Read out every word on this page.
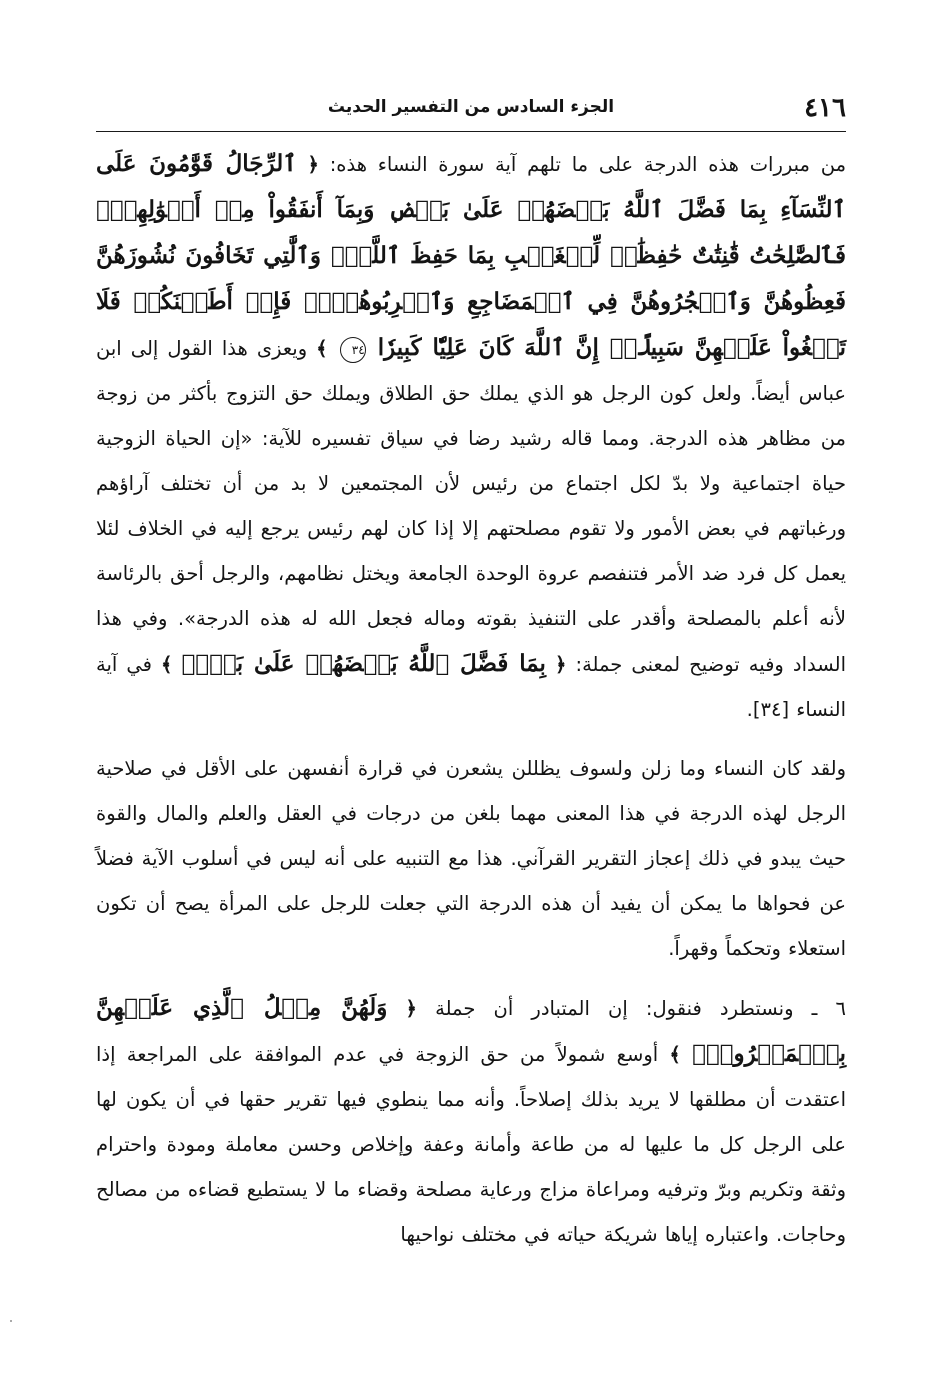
٤١٦
الجزء السادس من التفسير الحديث

من مبررات هذه الدرجة على ما تلهم آية سورة النساء هذه: ﴿ ٱلرِّجَالُ قَوَّٰمُونَ عَلَى ٱلنِّسَآءِ بِمَا فَضَّلَ ٱللَّهُ بَعۡضَهُمۡ عَلَىٰ بَعۡضٖ وَبِمَآ أَنفَقُواْ مِنۡ أَمۡوَٰلِهِمۡۚ فَٱلصَّٰلِحَٰتُ قَٰنِتَٰتٌ حَٰفِظَٰتٞ لِّلۡغَيۡبِ بِمَا حَفِظَ ٱللَّهُۚ وَٱلَّٰتِي تَخَافُونَ نُشُوزَهُنَّ فَعِظُوهُنَّ وَٱهۡجُرُوهُنَّ فِي ٱلۡمَضَاجِعِ وَٱضۡرِبُوهُنَّۖ فَإِنۡ أَطَعۡنَكُمۡ فَلَا تَبۡغُواْ عَلَيۡهِنَّ سَبِيلًاۗ إِنَّ ٱللَّهَ كَانَ عَلِيّٗا كَبِيرٗا ٣٤ ﴾ ويعزى هذا القول إلى ابن عباس أيضاً. ولعل كون الرجل هو الذي يملك حق الطلاق ويملك حق التزوج بأكثر من زوجة من مظاهر هذه الدرجة. ومما قاله رشيد رضا في سياق تفسيره للآية: «إن الحياة الزوجية حياة اجتماعية ولا بدّ لكل اجتماع من رئيس لأن المجتمعين لا بد من أن تختلف آراؤهم ورغباتهم في بعض الأمور ولا تقوم مصلحتهم إلا إذا كان لهم رئيس يرجع إليه في الخلاف لئلا يعمل كل فرد ضد الأمر فتنفصم عروة الوحدة الجامعة ويختل نظامهم، والرجل أحق بالرئاسة لأنه أعلم بالمصلحة وأقدر على التنفيذ بقوته وماله فجعل الله له هذه الدرجة». وفي هذا السداد وفيه توضيح لمعنى جملة: ﴿ بِمَا فَضَّلَ ٱللَّهُ بَعۡضَهُمۡ عَلَىٰ بَعۡضٖ ﴾ في آية النساء [٣٤].

ولقد كان النساء وما زلن ولسوف يظللن يشعرن في قرارة أنفسهن على الأقل في صلاحية الرجل لهذه الدرجة في هذا المعنى مهما بلغن من درجات في العقل والعلم والمال والقوة حيث يبدو في ذلك إعجاز التقرير القرآني. هذا مع التنبيه على أنه ليس في أسلوب الآية فضلاً عن فحواها ما يمكن أن يفيد أن هذه الدرجة التي جعلت للرجل على المرأة يصح أن تكون استعلاء وتحكماً وقهراً.

٦ ـ ونستطرد فنقول: إن المتبادر أن جملة ﴿ وَلَهُنَّ مِثۡلُ ٱلَّذِي عَلَيۡهِنَّ بِٱلۡمَعۡرُوفِۚ ﴾ أوسع شمولاً من حق الزوجة في عدم الموافقة على المراجعة إذا اعتقدت أن مطلقها لا يريد بذلك إصلاحاً. وأنه مما ينطوي فيها تقرير حقها في أن يكون لها على الرجل كل ما عليها له من طاعة وأمانة وعفة وإخلاص وحسن معاملة ومودة واحترام وثقة وتكريم وبرّ وترفيه ومراعاة مزاج ورعاية مصلحة وقضاء ما لا يستطيع قضاءه من مصالح وحاجات. واعتباره إياها شريكة حياته في مختلف نواحيها
